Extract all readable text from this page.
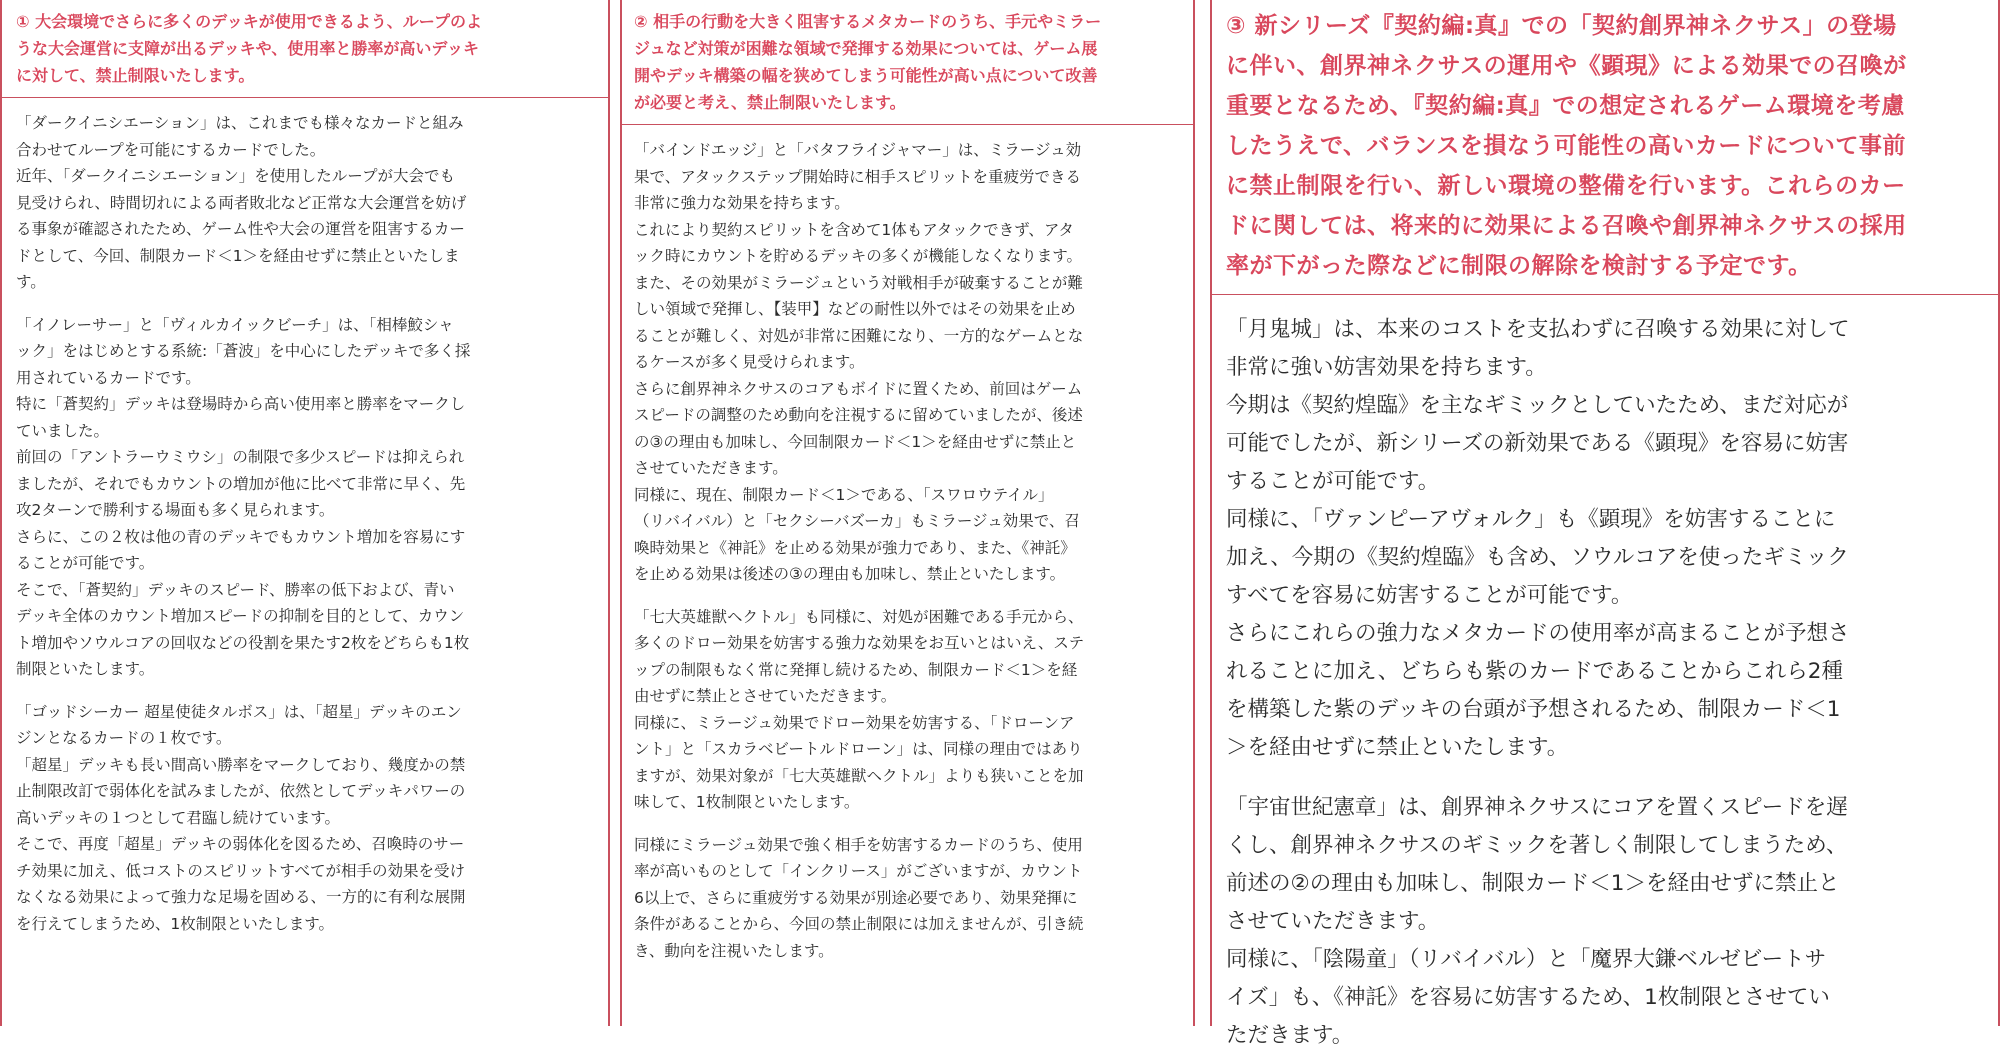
① 大会環境でさらに多くのデッキが使用できるよう、ループのよ
うな大会運営に支障が出るデッキや、使用率と勝率が高いデッキ
に対して、禁止制限いたします。

「ダークイニシエーション」は、これまでも様々なカードと組み
合わせてループを可能にするカードでした。
近年、「ダークイニシエーション」を使用したループが大会でも
見受けられ、時間切れによる両者敗北など正常な大会運営を妨げ
る事象が確認されたため、ゲーム性や大会の運営を阻害するカー
ドとして、今回、制限カード＜1＞を経由せずに禁止といたしま
す。

「イノレーサー」と「ヴィルカイックビーチ」は、「相棒鮫シャ
ック」をはじめとする系統:「蒼波」を中心にしたデッキで多く採
用されているカードです。
特に「蒼契約」デッキは登場時から高い使用率と勝率をマークし
ていました。
前回の「アントラーウミウシ」の制限で多少スピードは抑えられ
ましたが、それでもカウントの増加が他に比べて非常に早く、先
攻2ターンで勝利する場面も多く見られます。
さらに、この２枚は他の青のデッキでもカウント増加を容易にす
ることが可能です。
そこで、「蒼契約」デッキのスピード、勝率の低下および、青い
デッキ全体のカウント増加スピードの抑制を目的として、カウン
ト増加やソウルコアの回収などの役割を果たす2枚をどちらも1枚
制限といたします。

「ゴッドシーカー 超星使徒タルボス」は、「超星」デッキのエン
ジンとなるカードの１枚です。
「超星」デッキも長い間高い勝率をマークしており、幾度かの禁
止制限改訂で弱体化を試みましたが、依然としてデッキパワーの
高いデッキの１つとして君臨し続けています。
そこで、再度「超星」デッキの弱体化を図るため、召喚時のサー
チ効果に加え、低コストのスピリットすべてが相手の効果を受け
なくなる効果によって強力な足場を固める、一方的に有利な展開
を行えてしまうため、1枚制限といたします。

② 相手の行動を大きく阻害するメタカードのうち、手元やミラー
ジュなど対策が困難な領域で発揮する効果については、ゲーム展
開やデッキ構築の幅を狭めてしまう可能性が高い点について改善
が必要と考え、禁止制限いたします。

「バインドエッジ」と「バタフライジャマー」は、ミラージュ効
果で、アタックステップ開始時に相手スピリットを重疲労できる
非常に強力な効果を持ちます。
これにより契約スピリットを含めて1体もアタックできず、アタ
ック時にカウントを貯めるデッキの多くが機能しなくなります。
また、その効果がミラージュという対戦相手が破棄することが難
しい領域で発揮し、【装甲】などの耐性以外ではその効果を止め
ることが難しく、対処が非常に困難になり、一方的なゲームとな
るケースが多く見受けられます。
さらに創界神ネクサスのコアもボイドに置くため、前回はゲーム
スピードの調整のため動向を注視するに留めていましたが、後述
の③の理由も加味し、今回制限カード＜1＞を経由せずに禁止と
させていただきます。
同様に、現在、制限カード＜1＞である、「スワロウテイル」
（リバイバル）と「セクシーバズーカ」もミラージュ効果で、召
喚時効果と《神託》を止める効果が強力であり、また、《神託》
を止める効果は後述の③の理由も加味し、禁止といたします。

「七大英雄獣ヘクトル」も同様に、対処が困難である手元から、
多くのドロー効果を妨害する強力な効果をお互いとはいえ、ステ
ップの制限もなく常に発揮し続けるため、制限カード＜1＞を経
由せずに禁止とさせていただきます。
同様に、ミラージュ効果でドロー効果を妨害する、「ドローンア
ント」と「スカラベビートルドローン」は、同様の理由ではあり
ますが、効果対象が「七大英雄獣ヘクトル」よりも狭いことを加
味して、1枚制限といたします。

同様にミラージュ効果で強く相手を妨害するカードのうち、使用
率が高いものとして「インクリース」がございますが、カウント
6以上で、さらに重疲労する効果が別途必要であり、効果発揮に
条件があることから、今回の禁止制限には加えませんが、引き続
き、動向を注視いたします。

③ 新シリーズ『契約編:真』での「契約創界神ネクサス」の登場
に伴い、創界神ネクサスの運用や《顕現》による効果での召喚が
重要となるため、『契約編:真』での想定されるゲーム環境を考慮
したうえで、バランスを損なう可能性の高いカードについて事前
に禁止制限を行い、新しい環境の整備を行います。これらのカー
ドに関しては、将来的に効果による召喚や創界神ネクサスの採用
率が下がった際などに制限の解除を検討する予定です。

「月鬼城」は、本来のコストを支払わずに召喚する効果に対して
非常に強い妨害効果を持ちます。
今期は《契約煌臨》を主なギミックとしていたため、まだ対応が
可能でしたが、新シリーズの新効果である《顕現》を容易に妨害
することが可能です。
同様に、「ヴァンピーアヴォルク」も《顕現》を妨害することに
加え、今期の《契約煌臨》も含め、ソウルコアを使ったギミック
すべてを容易に妨害することが可能です。
さらにこれらの強力なメタカードの使用率が高まることが予想さ
れることに加え、どちらも紫のカードであることからこれら2種
を構築した紫のデッキの台頭が予想されるため、制限カード＜1
＞を経由せずに禁止といたします。

「宇宙世紀憲章」は、創界神ネクサスにコアを置くスピードを遅
くし、創界神ネクサスのギミックを著しく制限してしまうため、
前述の②の理由も加味し、制限カード＜1＞を経由せずに禁止と
させていただきます。
同様に、「陰陽童」（リバイバル）と「魔界大鎌ベルゼビートサ
イズ」も、《神託》を容易に妨害するため、1枚制限とさせてい
ただきます。
